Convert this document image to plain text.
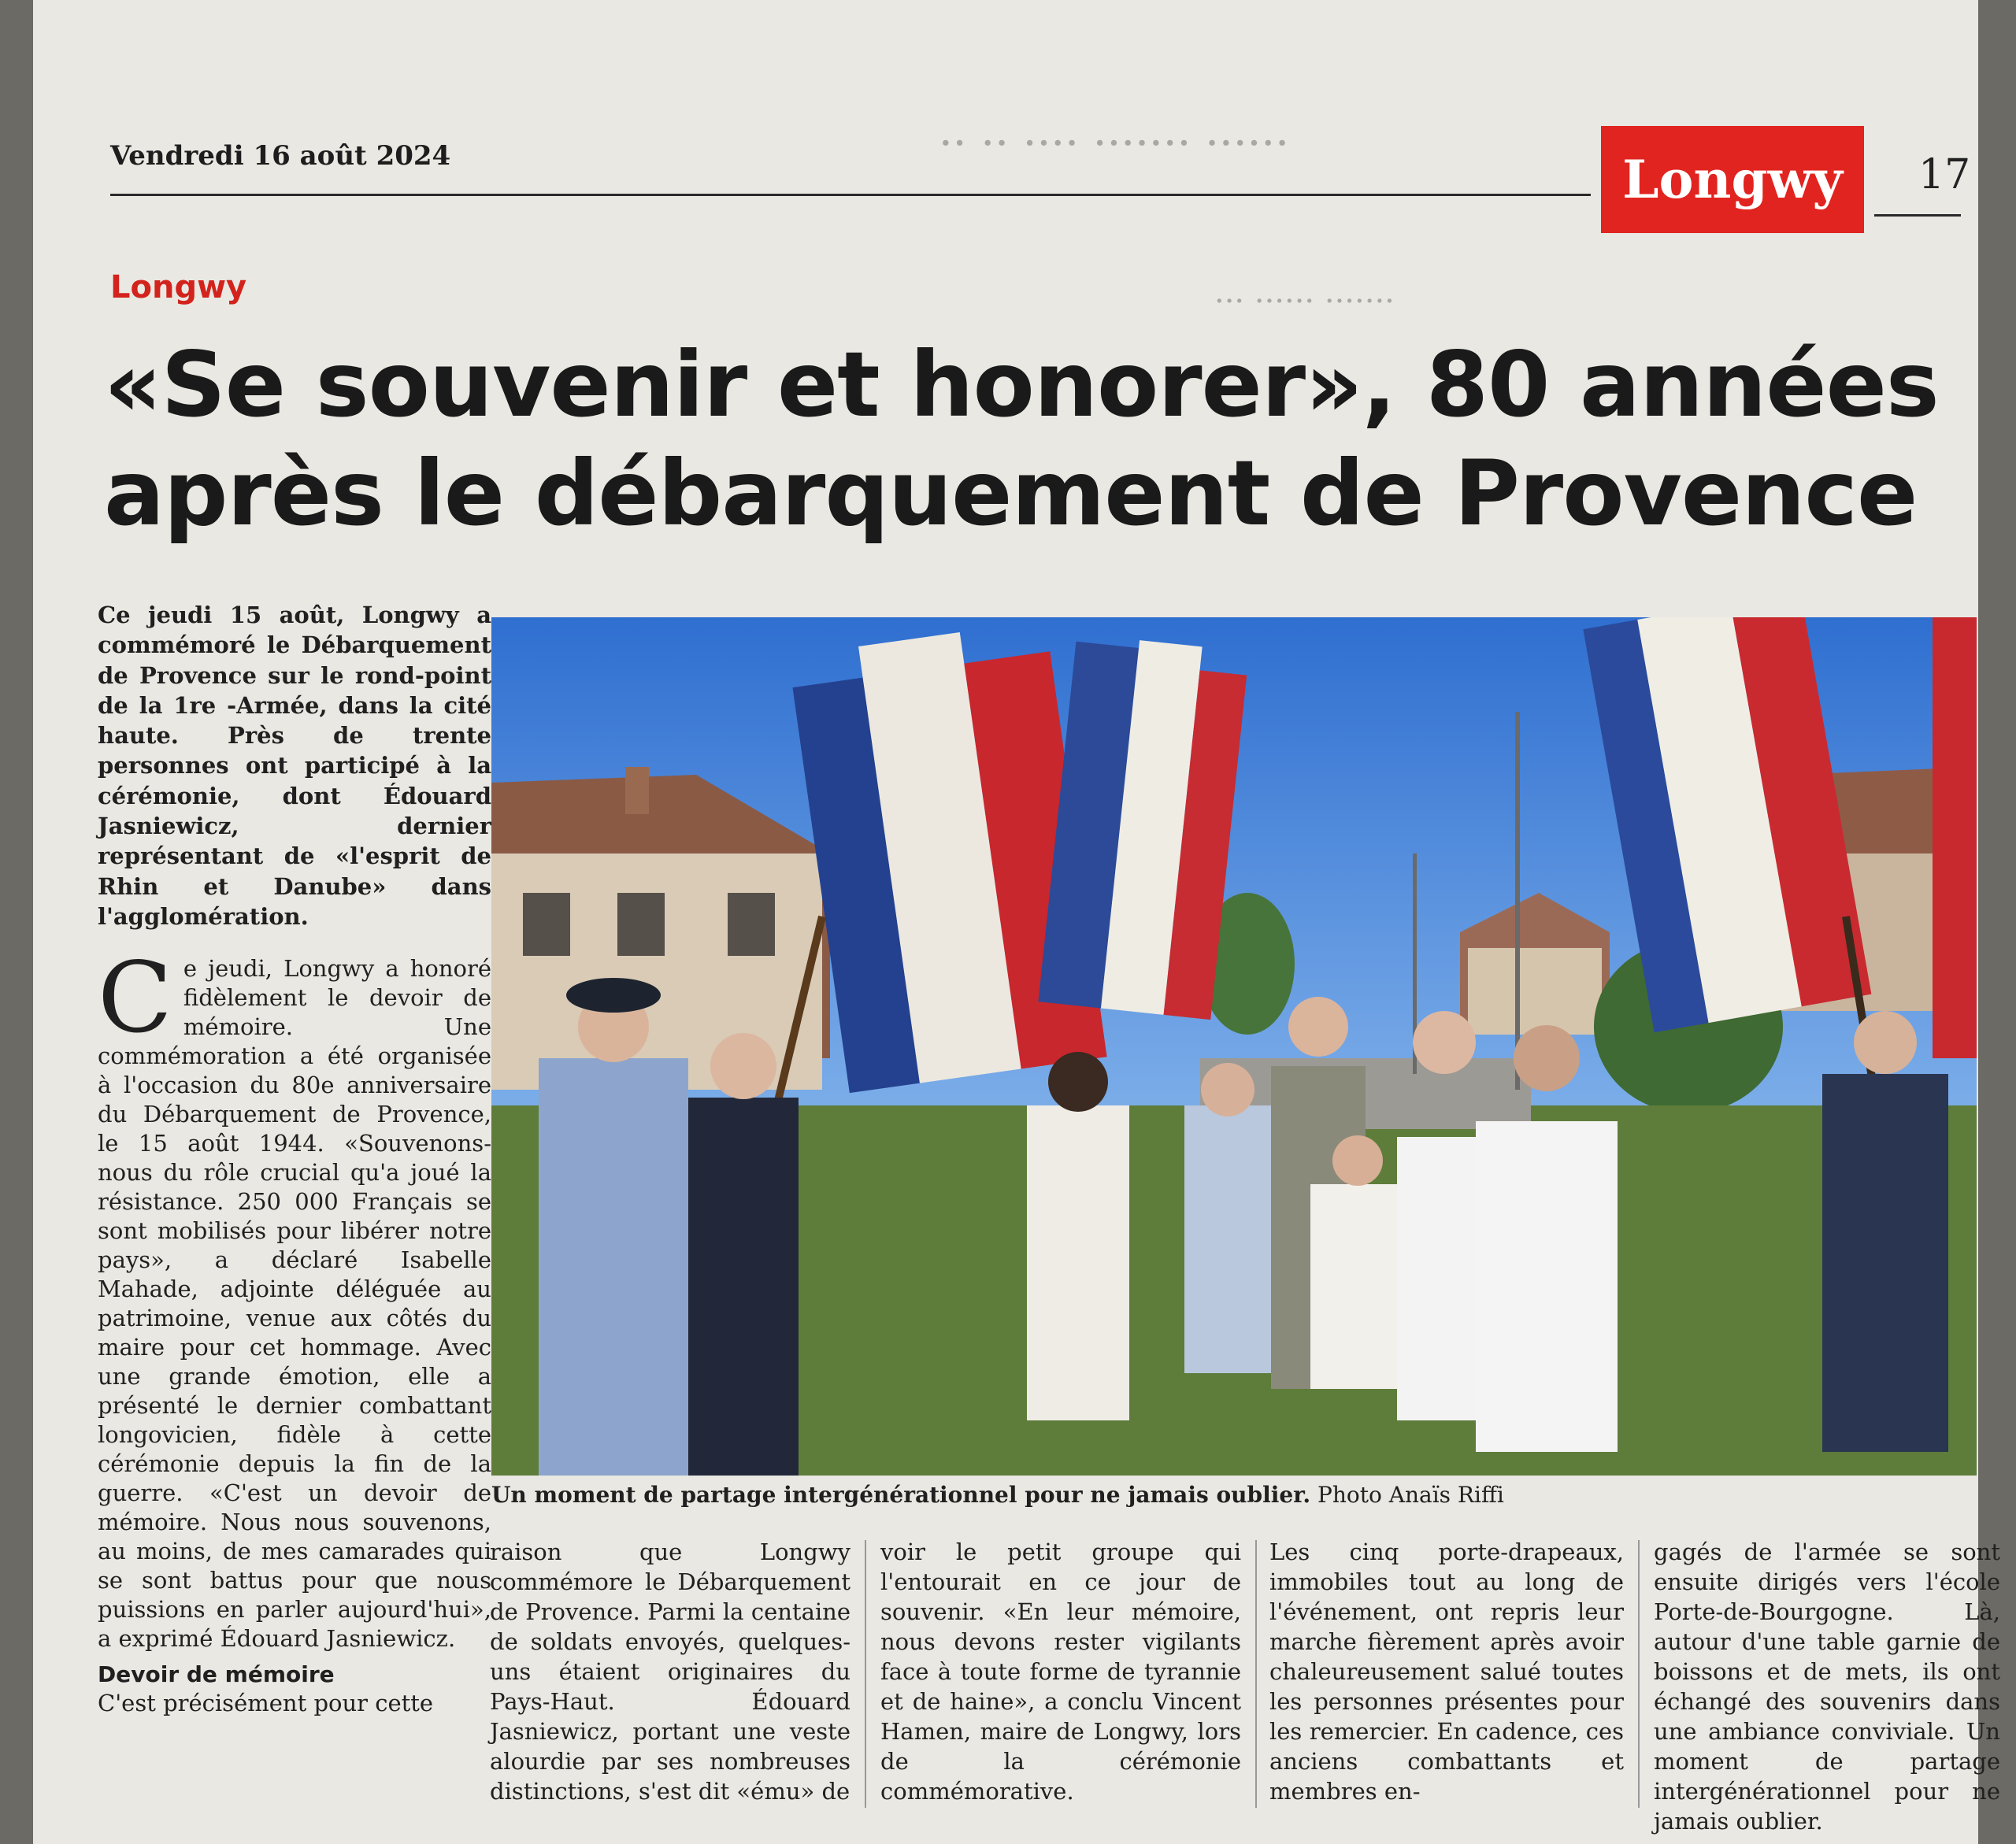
·· ·· ···· ······· ······
··· ······ ·······
Vendredi 16 août 2024	Longwy	17
Longwy
«Se souvenir et honorer», 80 années après le débarquement de Provence
Ce jeudi 15 août, Longwy a commémoré le Débarquement de Provence sur le rond-point de la 1re -Armée, dans la cité haute. Près de trente personnes ont participé à la cérémonie, dont Édouard Jasniewicz, dernier représentant de «l'esprit de Rhin et Danube» dans l'agglomération.
Ce jeudi, Longwy a honoré fidèlement le devoir de mémoire. Une commémoration a été organisée à l'occasion du 80e anniversaire du Débarquement de Provence, le 15 août 1944. «Souvenons-nous du rôle crucial qu'a joué la résistance. 250 000 Français se sont mobilisés pour libérer notre pays», a déclaré Isabelle Mahade, adjointe déléguée au patrimoine, venue aux côtés du maire pour cet hommage. Avec une grande émotion, elle a présenté le dernier combattant longovicien, fidèle à cette cérémonie depuis la fin de la guerre. «C'est un devoir de mémoire. Nous nous souvenons, au moins, de mes camarades qui se sont battus pour que nous puissions en parler aujourd'hui», a exprimé Édouard Jasniewicz.
Devoir de mémoire
C'est précisément pour cette
Un moment de partage intergénérationnel pour ne jamais oublier. Photo Anaïs Riffi

raison que Longwy commémore le Débarquement de Provence. Parmi la centaine de soldats envoyés, quelques-uns étaient originaires du Pays-Haut. Édouard Jasniewicz, portant une veste alourdie par ses nombreuses distinctions, s'est dit «ému» de

voir le petit groupe qui l'entourait en ce jour de souvenir. «En leur mémoire, nous devons rester vigilants face à toute forme de tyrannie et de haine», a conclu Vincent Hamen, maire de Longwy, lors de la cérémonie commémorative.

Les cinq porte-drapeaux, immobiles tout au long de l'événement, ont repris leur marche fièrement après avoir chaleureusement salué toutes les personnes présentes pour les remercier. En cadence, ces anciens combattants et membres en-

gagés de l'armée se sont ensuite dirigés vers l'école Porte-de-Bourgogne. Là, autour d'une table garnie de boissons et de mets, ils ont échangé des souvenirs dans une ambiance conviviale. Un moment de partage intergénérationnel pour ne jamais oublier.
